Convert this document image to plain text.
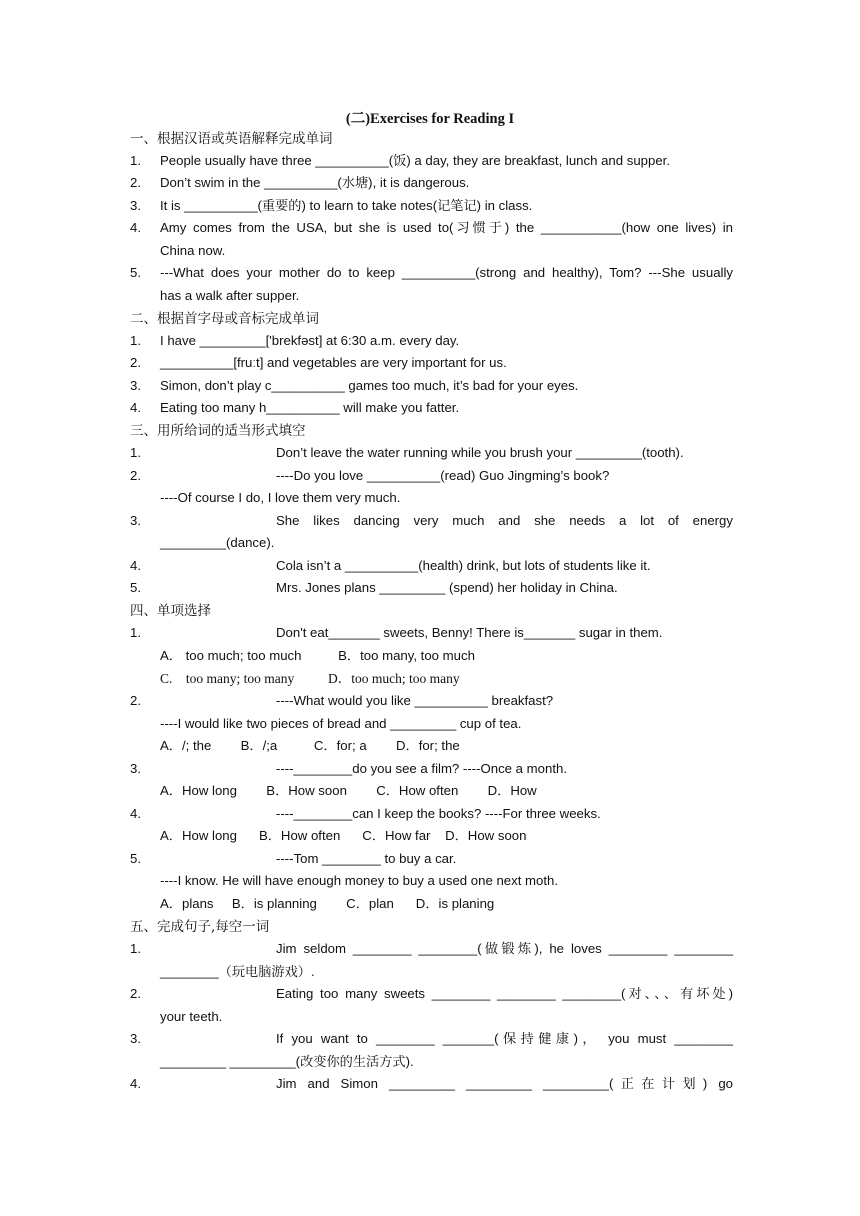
(二)Exercises for Reading I
一、根据汉语或英语解释完成单词
1.	People usually have three __________(饭) a day, they are breakfast, lunch and supper.
2.	Don’t swim in the __________(水塘), it is dangerous.
3.	It is __________(重要的) to learn to take notes(记笔记) in class.
4.	Amy comes from the USA, but she is used to(习惯于) the ___________(how one lives) in
China now.
5.	---What does your mother do to keep __________(strong and healthy), Tom? ---She usually
has a walk after supper.
二、根据首字母或音标完成单词
1.	I have _________['brekfəst] at 6:30 a.m. every day.
2.	__________[fruːt] and vegetables are very important for us.
3.	Simon, don’t play c__________ games too much, it’s bad for your eyes.
4.	Eating too many h__________ will make you fatter.
三、用所给词的适当形式填空
1.	Don’t leave the water running while you brush your _________(tooth).
2.	----Do you love __________(read) Guo Jingming’s book?
----Of course I do, I love them very much.
3.	She likes dancing very much and she needs a lot of energy
_________(dance).
4.	Cola isn’t a __________(health) drink, but lots of students like it.
5.	Mrs. Jones plans _________ (spend) her holiday in China.
四、单项选择
1.	Don't eat_______ sweets, Benny! There is_______ sugar in them.
A． too much; too much          B．too many, too much
C.    too many; too many          D．too much; too many
2.	----What would you like __________ breakfast?
----I would like two pieces of bread and _________ cup of tea.
A．/; the        B．/;a          C．for; a        D．for; the
3.	----________do you see a film? ----Once a month.
A．How long        B．How soon        C．How often        D．How
4.	----________can I keep the books? ----For three weeks.
A．How long      B．How often      C．How far    D．How soon
5.	----Tom ________ to buy a car.
----I know. He will have enough money to buy a used one next moth.
A．plans     B．is planning        C．plan      D．is planing
五、完成句子,每空一词
1.	Jim seldom ________ ________(做锻炼), he loves ________ ________
________（玩电脑游戏）.
2.	Eating too many sweets ________ ________ ________(对、、、有坏处)
your teeth.
3.	If you want to ________ _______(保持健康)， you must ________
_________ _________(改变你的生活方式).
4.	Jim and Simon _________ _________ _________(正在计划) go
